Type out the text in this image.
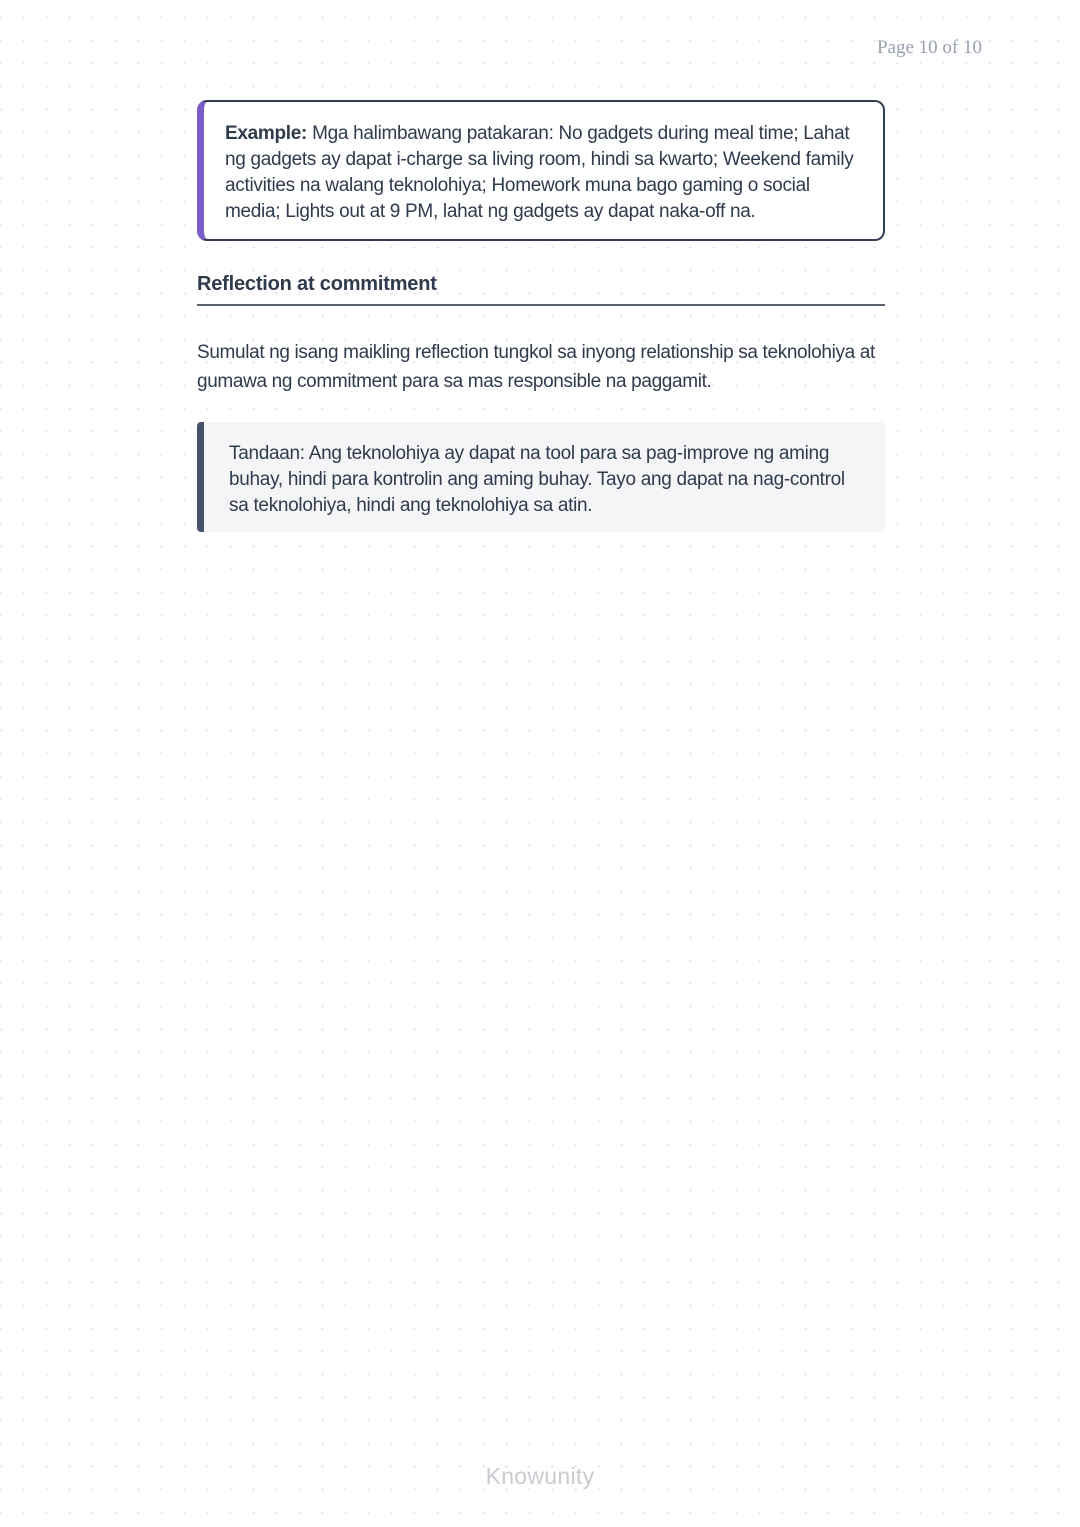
Page 10 of 10
Example: Mga halimbawang patakaran: No gadgets during meal time; Lahat ng gadgets ay dapat i-charge sa living room, hindi sa kwarto; Weekend family activities na walang teknolohiya; Homework muna bago gaming o social media; Lights out at 9 PM, lahat ng gadgets ay dapat naka-off na.
Reflection at commitment
Sumulat ng isang maikling reflection tungkol sa inyong relationship sa teknolohiya at gumawa ng commitment para sa mas responsible na paggamit.
Tandaan: Ang teknolohiya ay dapat na tool para sa pag-improve ng aming buhay, hindi para kontrolin ang aming buhay. Tayo ang dapat na nag-control sa teknolohiya, hindi ang teknolohiya sa atin.
Knowunity
